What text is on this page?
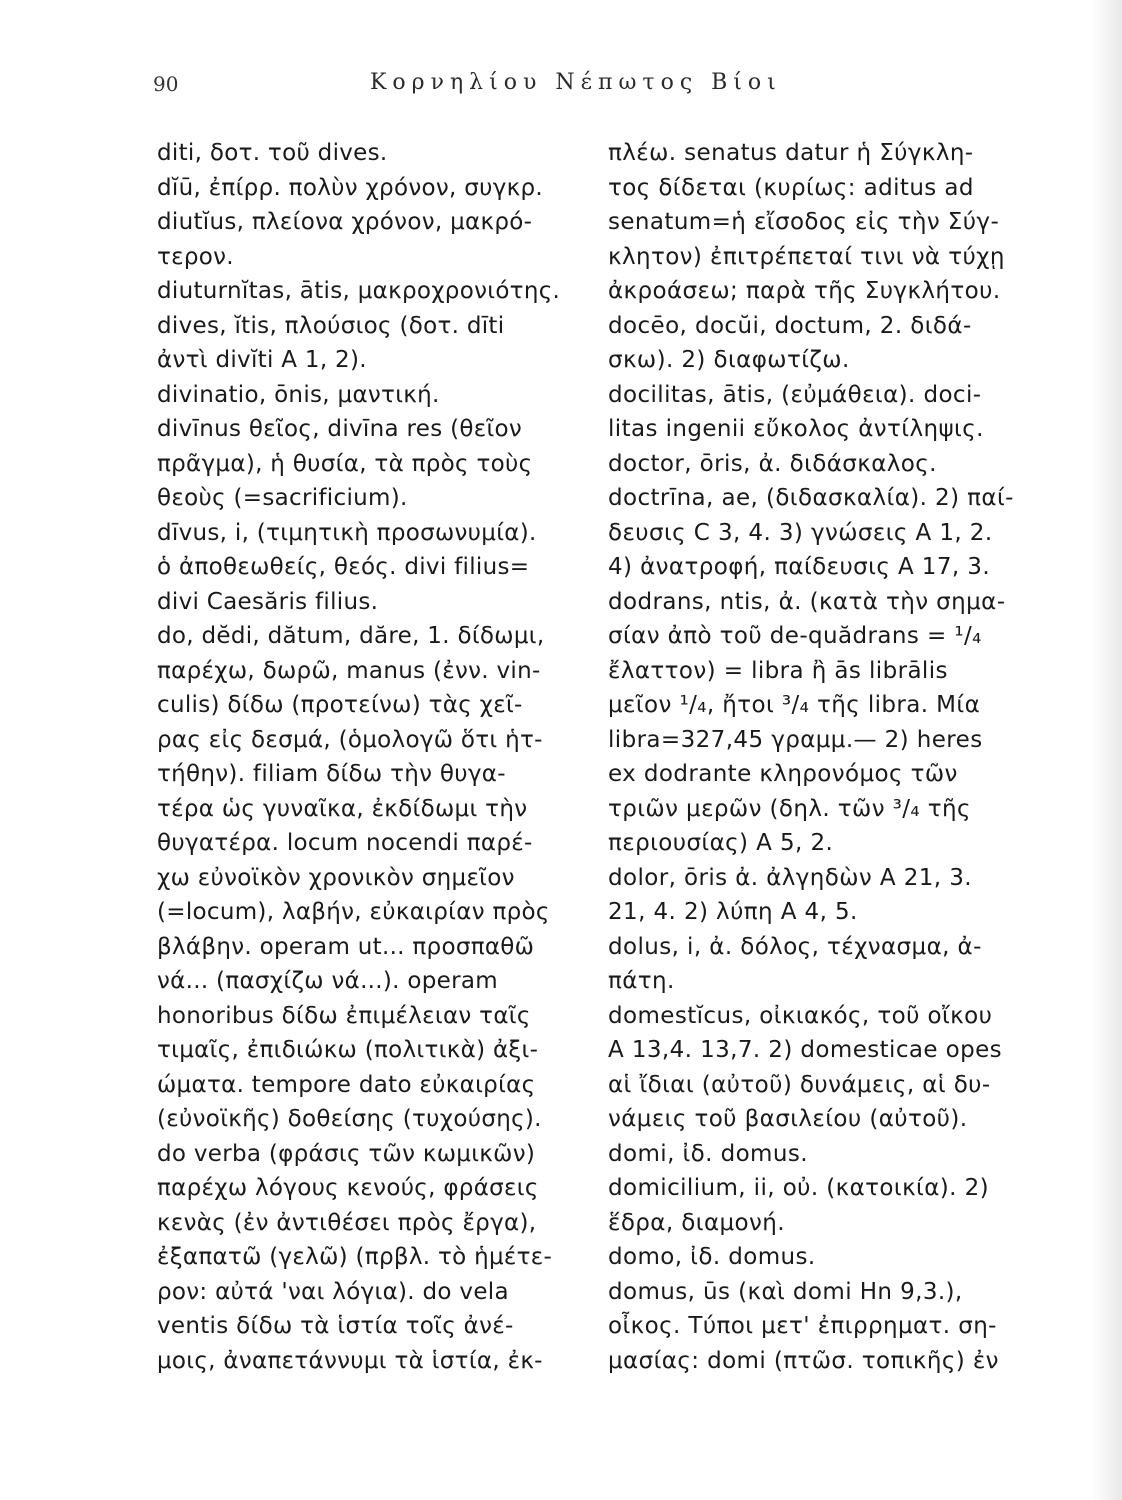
90	Κορνηλίου Νέπωτος Βίοι
diti, δοτ. τοῦ dives.
dĭū, ἐπίρρ. πολὺν χρόνον, συγκρ.
diutĭus, πλείονα χρόνον, μακρό-
τερον.
diuturnĭtas, ātis, μακροχρονιότης.
dives, ĭtis, πλούσιος (δοτ. dīti
ἀντὶ divĭti A 1, 2).
divinatio, ōnis, μαντική.
divīnus θεῖος, divīna res (θεῖον
πρᾶγμα), ἡ θυσία, τὰ πρὸς τοὺς
θεοὺς (=sacrificium).
dīvus, i, (τιμητικὴ προσωνυμία).
ὁ ἀποθεωθείς, θεός. divi filius=
divi Caesăris filius.
do, dĕdi, dătum, dăre, 1. δίδωμι,
παρέχω, δωρῶ, manus (ἐνν. vin-
culis) δίδω (προτείνω) τὰς χεῖ-
ρας εἰς δεσμά, (ὁμολογῶ ὅτι ἡτ-
τήθην). filiam δίδω τὴν θυγα-
τέρα ὡς γυναῖκα, ἐκδίδωμι τὴν
θυγατέρα. locum nocendi παρέ-
χω εὐνοϊκὸν χρονικὸν σημεῖον
(=locum), λαβήν, εὐκαιρίαν πρὸς
βλάβην. operam ut... προσπαθῶ
νά... (πασχίζω νά...). operam
honoribus δίδω ἐπιμέλειαν ταῖς
τιμαῖς, ἐπιδιώκω (πολιτικὰ) ἀξι-
ώματα. tempore dato εὐκαιρίας
(εὐνοϊκῆς) δοθείσης (τυχούσης).
do verba (φράσις τῶν κωμικῶν)
παρέχω λόγους κενούς, φράσεις
κενὰς (ἐν ἀντιθέσει πρὸς ἔργα),
ἐξαπατῶ (γελῶ) (πρβλ. τὸ ἡμέτε-
ρον: αὐτά 'ναι λόγια). do vela
ventis δίδω τὰ ἱστία τοῖς ἀνέ-
μοις, ἀναπετάννυμι τὰ ἱστία, ἐκ-
πλέω. senatus datur ἡ Σύγκλη-
τος δίδεται (κυρίως: aditus ad
senatum=ἡ εἴσοδος εἰς τὴν Σύγ-
κλητον) ἐπιτρέπεταί τινι νὰ τύχῃ
ἀκροάσεω; παρὰ τῆς Συγκλήτου.
docēo, docŭi, doctum, 2. διδά-
σκω). 2) διαφωτίζω.
docilitas, ātis, (εὐμάθεια). doci-
litas ingenii εὔκολος ἀντίληψις.
doctor, ōris, ἀ. διδάσκαλος.
doctrīna, ae, (διδασκαλία). 2) παί-
δευσις C 3, 4. 3) γνώσεις A 1, 2.
4) ἀνατροφή, παίδευσις A 17, 3.
dodrans, ntis, ἀ. (κατὰ τὴν σημα-
σίαν ἀπὸ τοῦ de-quădrans = ¹/₄
ἔλαττον) = libra ἢ ās librālis
μεῖον ¹/₄, ἤτοι ³/₄ τῆς libra. Μία
libra=327,45 γραμμ.— 2) heres
ex dodrante κληρονόμος τῶν
τριῶν μερῶν (δηλ. τῶν ³/₄ τῆς
περιουσίας) A 5, 2.
dolor, ōris ἀ. ἀλγηδὼν A 21, 3.
21, 4. 2) λύπη A 4, 5.
dolus, i, ἀ. δόλος, τέχνασμα, ἀ-
πάτη.
domestĭcus, οἰκιακός, τοῦ οἴκου
A 13,4. 13,7. 2) domesticae opes
αἱ ἴδιαι (αὐτοῦ) δυνάμεις, αἱ δυ-
νάμεις τοῦ βασιλείου (αὐτοῦ).
domi, ἰδ. domus.
domicilium, ii, οὐ. (κατοικία). 2)
ἕδρα, διαμονή.
domo, ἰδ. domus.
domus, ūs (καὶ domi Hn 9,3.),
οἶκος. Τύποι μετ' ἐπιρρηματ. ση-
μασίας: domi (πτῶσ. τοπικῆς) ἐν
